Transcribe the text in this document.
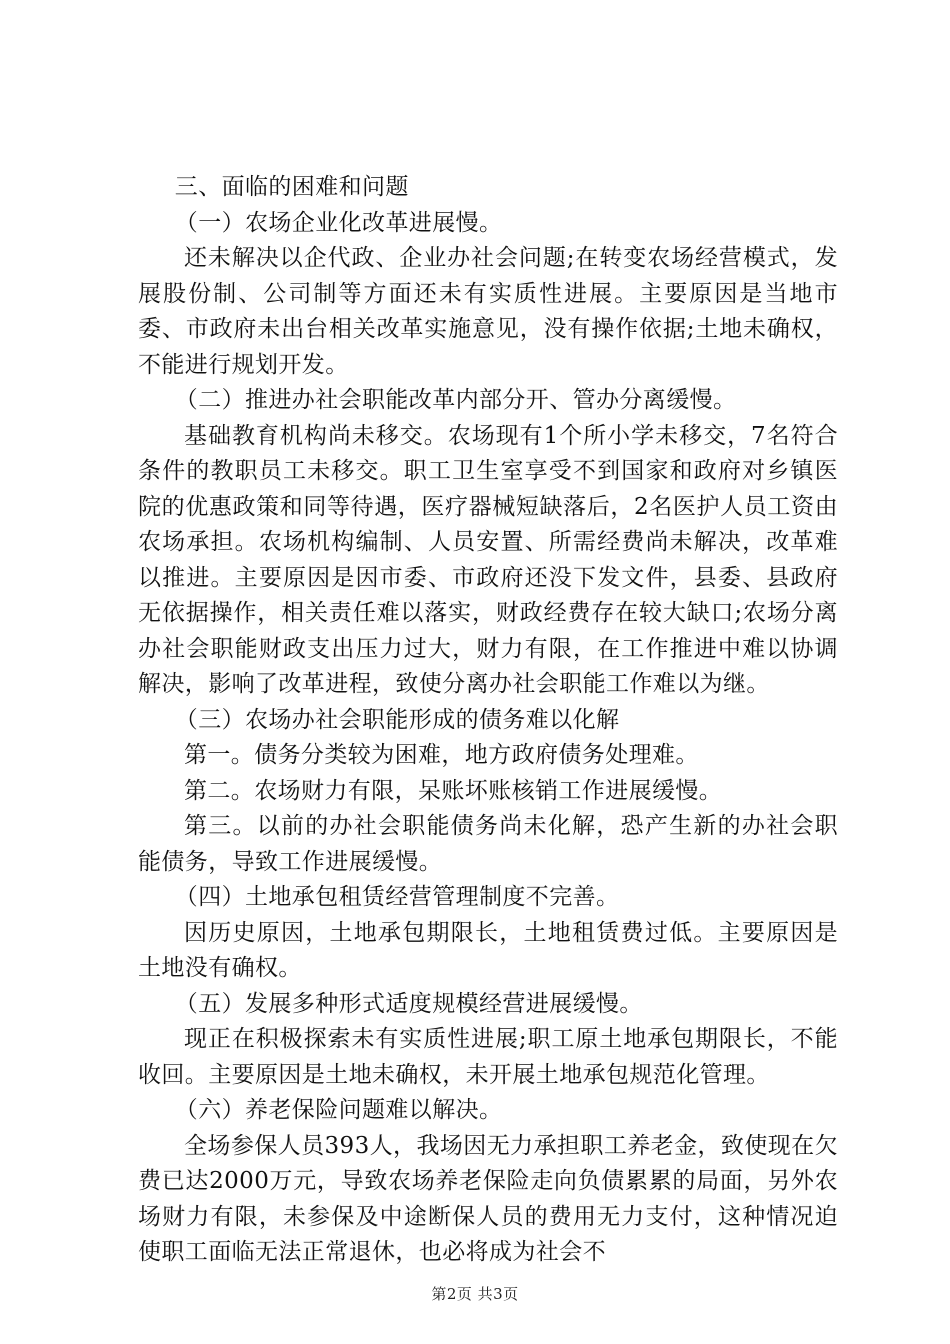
三、面临的困难和问题

（一）农场企业化改革进展慢。

还未解决以企代政、企业办社会问题;在转变农场经营模式，发展股份制、公司制等方面还未有实质性进展。主要原因是当地市委、市政府未出台相关改革实施意见，没有操作依据;土地未确权，不能进行规划开发。

（二）推进办社会职能改革内部分开、管办分离缓慢。

基础教育机构尚未移交。农场现有1个所小学未移交，7名符合条件的教职员工未移交。职工卫生室享受不到国家和政府对乡镇医院的优惠政策和同等待遇，医疗器械短缺落后，2名医护人员工资由农场承担。农场机构编制、人员安置、所需经费尚未解决，改革难以推进。主要原因是因市委、市政府还没下发文件，县委、县政府无依据操作，相关责任难以落实，财政经费存在较大缺口;农场分离办社会职能财政支出压力过大，财力有限，在工作推进中难以协调解决，影响了改革进程，致使分离办社会职能工作难以为继。

（三）农场办社会职能形成的债务难以化解

第一。债务分类较为困难，地方政府债务处理难。

第二。农场财力有限，呆账坏账核销工作进展缓慢。

第三。以前的办社会职能债务尚未化解，恐产生新的办社会职能债务，导致工作进展缓慢。

（四）土地承包租赁经营管理制度不完善。

因历史原因，土地承包期限长，土地租赁费过低。主要原因是土地没有确权。

（五）发展多种形式适度规模经营进展缓慢。

现正在积极探索未有实质性进展;职工原土地承包期限长，不能收回。主要原因是土地未确权，未开展土地承包规范化管理。

（六）养老保险问题难以解决。

全场参保人员393人，我场因无力承担职工养老金，致使现在欠费已达2000万元，导致农场养老保险走向负债累累的局面，另外农场财力有限，未参保及中途断保人员的费用无力支付，这种情况迫使职工面临无法正常退休，也必将成为社会不

第2页 共3页
